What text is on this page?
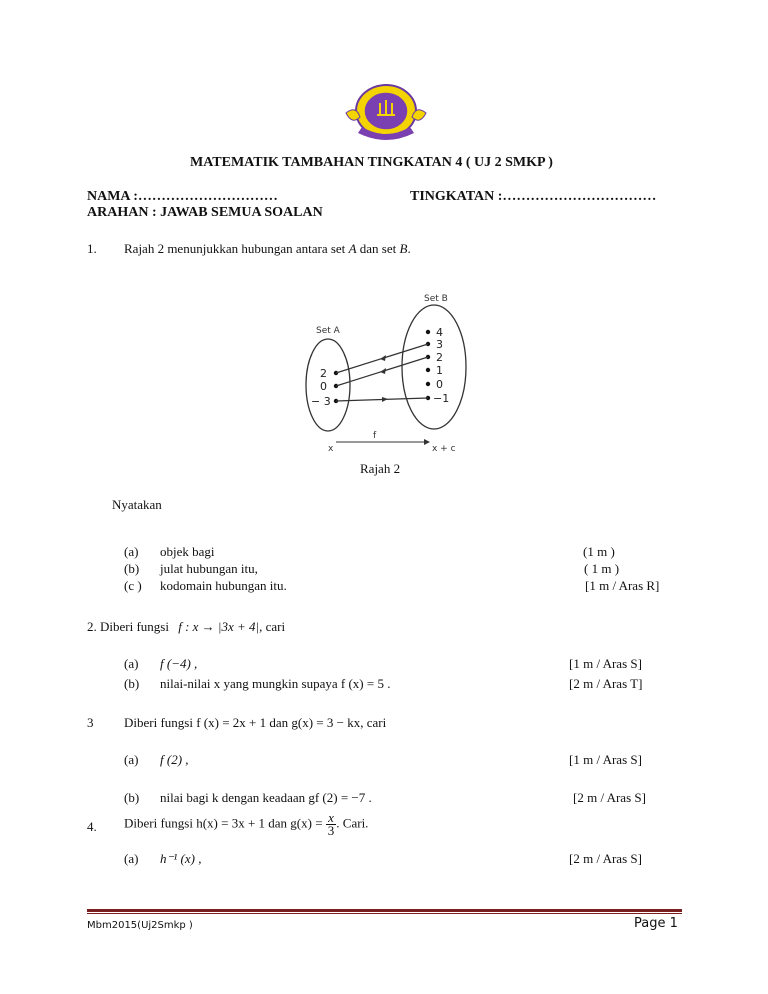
MATEMATIK TAMBAHAN TINGKATAN 4 ( UJ 2 SMKP )
NAMA :…………………………	TINGKATAN :……………………………
ARAHAN : JAWAB SEMUA SOALAN
1. Rajah 2 menunjukkan hubungan antara set A dan set B.
Set A
Set B
2
0
− 3
4
3
2
1
0
−1
f
x	x + c
Rajah 2
Nyatakan
(a) objek bagi	(1 m )
(b) julat hubungan itu,	( 1 m )
(c ) kodomain hubungan itu.	[1 m / Aras R]
2. Diberi fungsi f : x → |3x + 4|, cari
(a) f (−4) ,	[1 m / Aras S]
(b) nilai-nilai x yang mungkin supaya f (x) = 5 .	[2 m / Aras T]
3 Diberi fungsi f (x) = 2x + 1 dan g(x) = 3 − kx, cari
(a) f (2) ,	[1 m / Aras S]
(b) nilai bagi k dengan keadaan gf (2) = −7 .	[2 m / Aras S]
4. Diberi fungsi h(x) = 3x + 1 dan $g(x) = \frac{x}{3}$ . Cari.
(a) h⁻¹ (x) ,	[2 m / Aras S]
Mbm2015(Uj2Smkp )	Page 1
